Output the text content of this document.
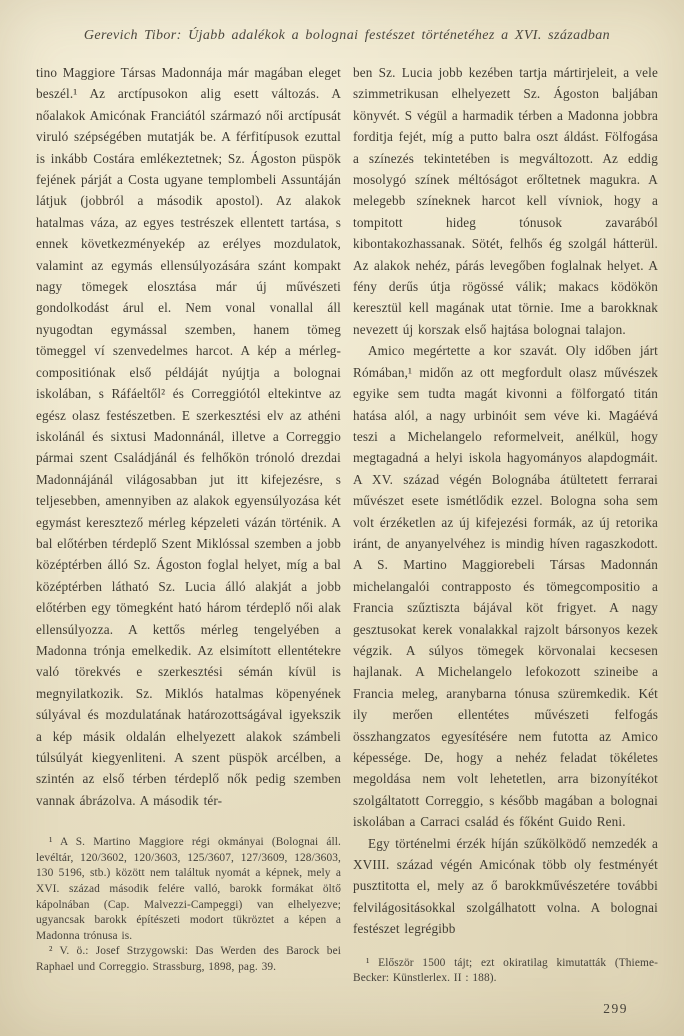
Gerevich Tibor: Újabb adalékok a bolognai festészet történetéhez a XVI. században

tino Maggiore Társas Madonnája már magában eleget beszél.¹ Az arctípusokon alig esett változás. A nőalakok Amicónak Franciától származó női arctípusát viruló szépségében mutatják be. A férfitípusok ezuttal is inkább Costára emlékeztetnek; Sz. Ágoston püspök fejének párját a Costa ugyane templombeli Assuntáján látjuk (jobbról a második apostol). Az alakok hatalmas váza, az egyes testrészek ellentett tartása, s ennek következményekép az erélyes mozdulatok, valamint az egymás ellensúlyozására szánt kompakt nagy tömegek elosztása már új művészeti gondolkodást árul el. Nem vonal vonallal áll nyugodtan egymással szemben, hanem tömeg tömeggel ví szenvedelmes harcot. A kép a mérleg-compositiónak első példáját nyújtja a bolognai iskolában, s Ráfáeltől² és Correggiótól eltekintve az egész olasz festészetben. E szerkesztési elv az athéni iskolánál és sixtusi Madonnánál, illetve a Correggio pármai szent Családjánál és felhőkön trónoló drezdai Madonnájánál világosabban jut itt kifejezésre, s teljesebben, amennyiben az alakok egyensúlyozása két egymást keresztező mérleg képzeleti vázán történik. A bal előtérben térdeplő Szent Miklóssal szemben a jobb középtérben álló Sz. Ágoston foglal helyet, míg a bal középtérben látható Sz. Lucia álló alakját a jobb előtérben egy tömegként ható három térdeplő női alak ellensúlyozza. A kettős mérleg tengelyében a Madonna trónja emelkedik. Az elsimított ellentétekre való törekvés e szerkesztési sémán kívül is megnyilatkozik. Sz. Miklós hatalmas köpenyének súlyával és mozdulatának határozottságával igyekszik a kép másik oldalán elhelyezett alakok számbeli túlsúlyát kiegyenliteni. A szent püspök arcélben, a szintén az első térben térdeplő nők pedig szemben vannak ábrázolva. A második tér-

¹ A S. Martino Maggiore régi okmányai (Bolognai áll. levéltár, 120/3602, 120/3603, 125/3607, 127/3609, 128/3603, 130 5196, stb.) között nem találtuk nyomát a képnek, mely a XVI. század második felére valló, barokk formákat öltő kápolnában (Cap. Malvezzi-Campeggi) van elhelyezve; ugyancsak barokk építészeti modort tükröztet a képen a Madonna trónusa is.

² V. ö.: Josef Strzygowski: Das Werden des Barock bei Raphael und Correggio. Strassburg, 1898, pag. 39.

ben Sz. Lucia jobb kezében tartja mártirjeleit, a vele szimmetrikusan elhelyezett Sz. Ágoston baljában könyvét. S végül a harmadik térben a Madonna jobbra forditja fejét, míg a putto balra oszt áldást. Fölfogása a színezés tekintetében is megváltozott. Az eddig mosolygó színek méltóságot erőltetnek magukra. A melegebb színeknek harcot kell vívniok, hogy a tompitott hideg tónusok zavarából kibontakozhassanak. Sötét, felhős ég szolgál hátterül. Az alakok nehéz, párás levegőben foglalnak helyet. A fény derűs útja rögössé válik; makacs ködökön keresztül kell magának utat törnie. Ime a barokknak nevezett új korszak első hajtása bolognai talajon.

Amico megértette a kor szavát. Oly időben járt Rómában,¹ midőn az ott megfordult olasz művészek egyike sem tudta magát kivonni a fölforgató titán hatása alól, a nagy urbinóit sem véve ki. Magáévá teszi a Michelangelo reformelveit, anélkül, hogy megtagadná a helyi iskola hagyományos alapdogmáit. A XV. század végén Bolognába átültetett ferrarai művészet esete ismétlődik ezzel. Bologna soha sem volt érzéketlen az új kifejezési formák, az új retorika iránt, de anyanyelvéhez is mindig híven ragaszkodott. A S. Martino Maggiorebeli Társas Madonnán michelangalói contrapposto és tömegcompositio a Francia szűztiszta bájával köt frigyet. A nagy gesztusokat kerek vonalakkal rajzolt bársonyos kezek végzik. A súlyos tömegek körvonalai kecsesen hajlanak. A Michelangelo lefokozott szineibe a Francia meleg, aranybarna tónusa szüremkedik. Két ily merően ellentétes művészeti felfogás összhangzatos egyesítésére nem futotta az Amico képessége. De, hogy a nehéz feladat tökéletes megoldása nem volt lehetetlen, arra bizonyítékot szolgáltatott Correggio, s később magában a bolognai iskolában a Carraci család és főként Guido Reni.

Egy történelmi érzék híján szűkölködő nemzedék a XVIII. század végén Amicónak több oly festményét pusztitotta el, mely az ő barokkművészetére további felvilágositásokkal szolgálhatott volna. A bolognai festészet legrégibb

¹ Először 1500 tájt; ezt okiratilag kimutatták (Thieme-Becker: Künstlerlex. II : 188).

299
